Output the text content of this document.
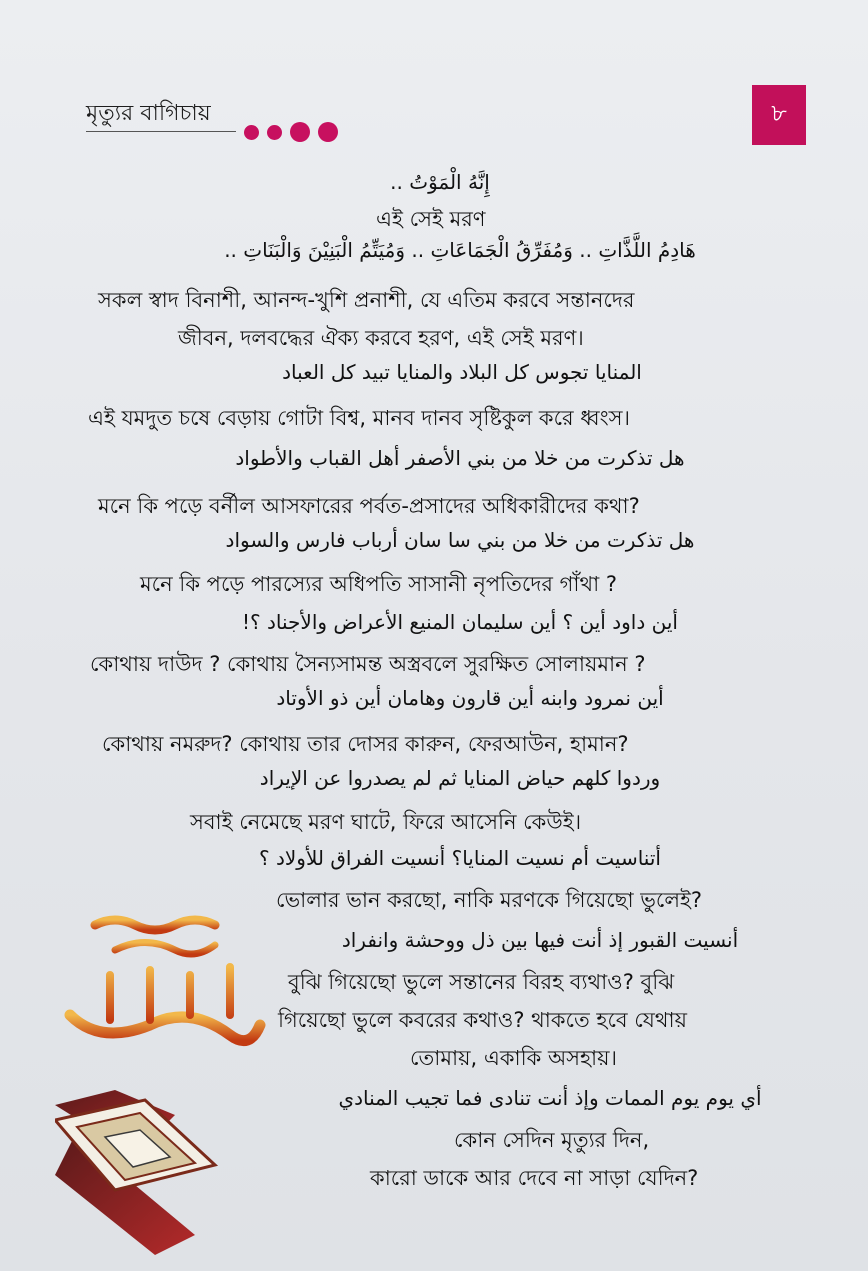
মৃত্যুর বাগিচায়	৮
إِنَّهُ الْمَوْتُ ..
এই সেই মরণ
هَادِمُ اللَّذَّاتِ .. وَمُفَرِّقُ الْجَمَاعَاتِ .. وَمُيَتِّمُ الْبَنِيْنَ وَالْبَنَاتِ ..
সকল স্বাদ বিনাশী, আনন্দ-খুশি প্রনাশী, যে এতিম করবে সন্তানদের
জীবন, দলবদ্ধের ঐক্য করবে হরণ, এই সেই মরণ।
المنايا تجوس كل البلاد والمنايا تبيد كل العباد
এই যমদুত চষে বেড়ায় গোটা বিশ্ব, মানব দানব সৃষ্টিকুল করে ধ্বংস।
هل تذكرت من خلا من بني الأصفر أهل القباب والأطواد
মনে কি পড়ে বর্নীল আসফারের পর্বত-প্রসাদের অধিকারীদের কথা?
هل تذكرت من خلا من بني سا سان أرباب فارس والسواد
মনে কি পড়ে পারস্যের অধিপতি সাসানী নৃপতিদের গাঁথা ?
أين داود أين ؟ أين سليمان المنيع الأعراض والأجناد ؟!
কোথায় দাউদ ? কোথায় সৈন্যসামন্ত অস্ত্রবলে সুরক্ষিত সোলায়মান ?
أين نمرود وابنه أين قارون وهامان أين ذو الأوتاد
কোথায় নমরুদ? কোথায় তার দোসর কারুন, ফেরআউন, হামান?
وردوا كلهم حياض المنايا ثم لم يصدروا عن الإيراد
সবাই নেমেছে মরণ ঘাটে, ফিরে আসেনি কেউই।
أتناسيت أم نسيت المنايا؟ أنسيت الفراق للأولاد ؟
ভোলার ভান করছো, নাকি মরণকে গিয়েছো ভুলেই?
أنسيت القبور إذ أنت فيها بين ذل ووحشة وانفراد
বুঝি গিয়েছো ভুলে সন্তানের বিরহ ব্যথাও? বুঝি
গিয়েছো ভুলে কবরের কথাও? থাকতে হবে যেথায়
তোমায়, একাকি অসহায়।
أي يوم يوم الممات وإذ أنت تنادى فما تجيب المنادي
কোন সেদিন মৃত্যুর দিন,
কারো ডাকে আর দেবে না সাড়া যেদিন?
